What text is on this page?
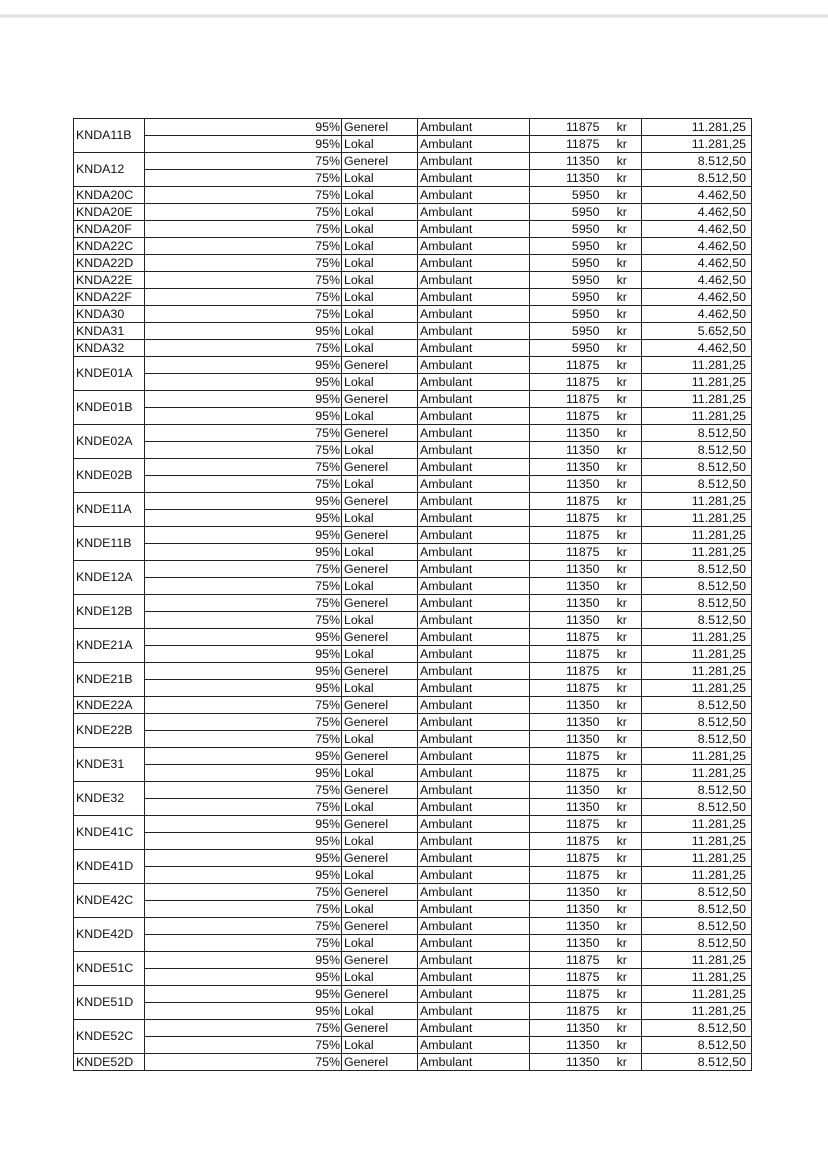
KNDA11B		95%	Generel	Ambulant	11875	kr	11.281,25
		95%	Lokal	Ambulant	11875	kr	11.281,25
KNDA12		75%	Generel	Ambulant	11350	kr	8.512,50
		75%	Lokal	Ambulant	11350	kr	8.512,50
KNDA20C		75%	Lokal	Ambulant	5950	kr	4.462,50
KNDA20E		75%	Lokal	Ambulant	5950	kr	4.462,50
KNDA20F		75%	Lokal	Ambulant	5950	kr	4.462,50
KNDA22C		75%	Lokal	Ambulant	5950	kr	4.462,50
KNDA22D		75%	Lokal	Ambulant	5950	kr	4.462,50
KNDA22E		75%	Lokal	Ambulant	5950	kr	4.462,50
KNDA22F		75%	Lokal	Ambulant	5950	kr	4.462,50
KNDA30		75%	Lokal	Ambulant	5950	kr	4.462,50
KNDA31		95%	Lokal	Ambulant	5950	kr	5.652,50
KNDA32		75%	Lokal	Ambulant	5950	kr	4.462,50
KNDE01A		95%	Generel	Ambulant	11875	kr	11.281,25
		95%	Lokal	Ambulant	11875	kr	11.281,25
KNDE01B		95%	Generel	Ambulant	11875	kr	11.281,25
		95%	Lokal	Ambulant	11875	kr	11.281,25
KNDE02A		75%	Generel	Ambulant	11350	kr	8.512,50
		75%	Lokal	Ambulant	11350	kr	8.512,50
KNDE02B		75%	Generel	Ambulant	11350	kr	8.512,50
		75%	Lokal	Ambulant	11350	kr	8.512,50
KNDE11A		95%	Generel	Ambulant	11875	kr	11.281,25
		95%	Lokal	Ambulant	11875	kr	11.281,25
KNDE11B		95%	Generel	Ambulant	11875	kr	11.281,25
		95%	Lokal	Ambulant	11875	kr	11.281,25
KNDE12A		75%	Generel	Ambulant	11350	kr	8.512,50
		75%	Lokal	Ambulant	11350	kr	8.512,50
KNDE12B		75%	Generel	Ambulant	11350	kr	8.512,50
		75%	Lokal	Ambulant	11350	kr	8.512,50
KNDE21A		95%	Generel	Ambulant	11875	kr	11.281,25
		95%	Lokal	Ambulant	11875	kr	11.281,25
KNDE21B		95%	Generel	Ambulant	11875	kr	11.281,25
		95%	Lokal	Ambulant	11875	kr	11.281,25
KNDE22A		75%	Generel	Ambulant	11350	kr	8.512,50
KNDE22B		75%	Generel	Ambulant	11350	kr	8.512,50
		75%	Lokal	Ambulant	11350	kr	8.512,50
KNDE31		95%	Generel	Ambulant	11875	kr	11.281,25
		95%	Lokal	Ambulant	11875	kr	11.281,25
KNDE32		75%	Generel	Ambulant	11350	kr	8.512,50
		75%	Lokal	Ambulant	11350	kr	8.512,50
KNDE41C		95%	Generel	Ambulant	11875	kr	11.281,25
		95%	Lokal	Ambulant	11875	kr	11.281,25
KNDE41D		95%	Generel	Ambulant	11875	kr	11.281,25
		95%	Lokal	Ambulant	11875	kr	11.281,25
KNDE42C		75%	Generel	Ambulant	11350	kr	8.512,50
		75%	Lokal	Ambulant	11350	kr	8.512,50
KNDE42D		75%	Generel	Ambulant	11350	kr	8.512,50
		75%	Lokal	Ambulant	11350	kr	8.512,50
KNDE51C		95%	Generel	Ambulant	11875	kr	11.281,25
		95%	Lokal	Ambulant	11875	kr	11.281,25
KNDE51D		95%	Generel	Ambulant	11875	kr	11.281,25
		95%	Lokal	Ambulant	11875	kr	11.281,25
KNDE52C		75%	Generel	Ambulant	11350	kr	8.512,50
		75%	Lokal	Ambulant	11350	kr	8.512,50
KNDE52D		75%	Generel	Ambulant	11350	kr	8.512,50
